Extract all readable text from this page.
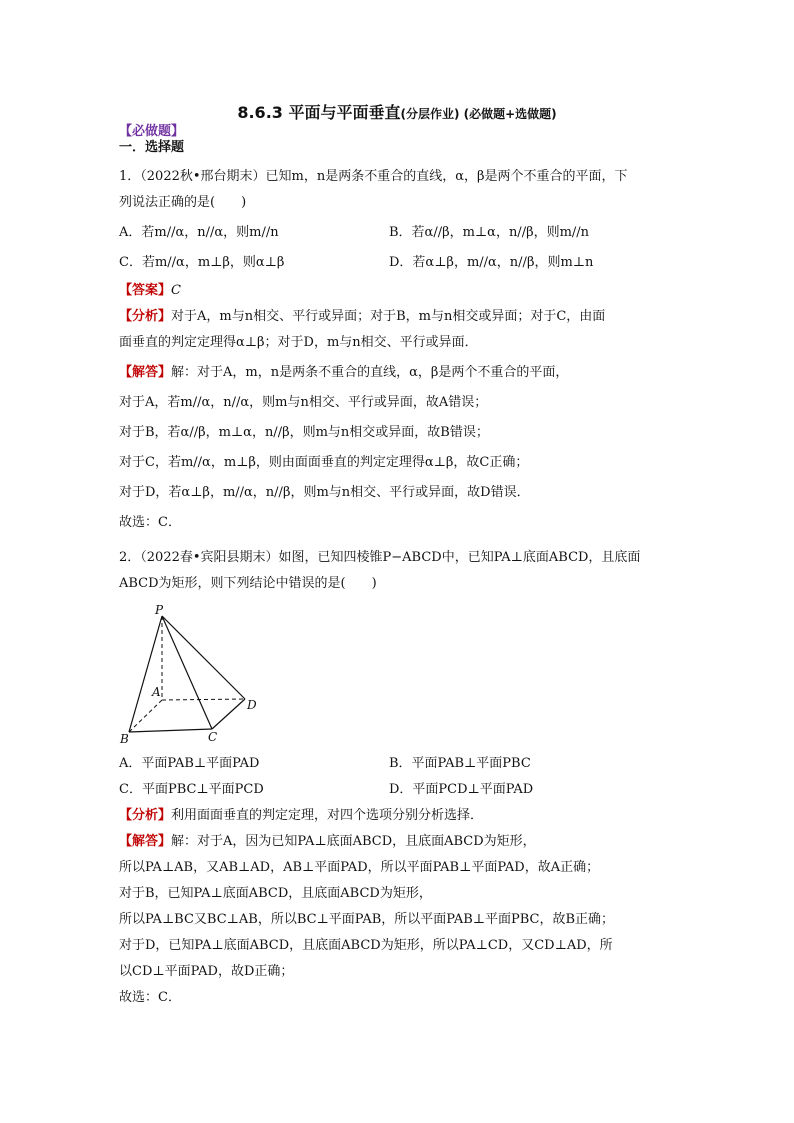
8.6.3 平面与平面垂直(分层作业) (必做题+选做题)
【必做题】
一．选择题
1．（2022秋•邢台期末）已知m，n是两条不重合的直线，α，β是两个不重合的平面，下
列说法正确的是(　　)
A．若m//α，n//α，则m//n	B．若α//β，m⊥α，n//β，则m//n
C．若m//α，m⊥β，则α⊥β	D．若α⊥β，m//α，n//β，则m⊥n
【答案】C
【分析】对于A，m与n相交、平行或异面；对于B，m与n相交或异面；对于C，由面
面垂直的判定定理得α⊥β；对于D，m与n相交、平行或异面．
【解答】解：对于A，m，n是两条不重合的直线，α，β是两个不重合的平面，
对于A，若m//α，n//α，则m与n相交、平行或异面，故A错误；
对于B，若α//β，m⊥α，n//β，则m与n相交或异面，故B错误；
对于C，若m//α，m⊥β，则由面面垂直的判定定理得α⊥β，故C正确；
对于D，若α⊥β，m//α，n//β，则m与n相交、平行或异面，故D错误．
故选：C．
2．（2022春•宾阳县期末）如图，已知四棱锥P−ABCD中，已知PA⊥底面ABCD，且底面
ABCD为矩形，则下列结论中错误的是(　　)
P
A
B	C
D
A．平面PAB⊥平面PAD	B．平面PAB⊥平面PBC
C．平面PBC⊥平面PCD	D．平面PCD⊥平面PAD
【分析】利用面面垂直的判定定理，对四个选项分别分析选择．
【解答】解：对于A，因为已知PA⊥底面ABCD，且底面ABCD为矩形，
所以PA⊥AB，又AB⊥AD，AB⊥平面PAD，所以平面PAB⊥平面PAD，故A正确；
对于B，已知PA⊥底面ABCD，且底面ABCD为矩形，
所以PA⊥BC又BC⊥AB，所以BC⊥平面PAB，所以平面PAB⊥平面PBC，故B正确；
对于D，已知PA⊥底面ABCD，且底面ABCD为矩形，所以PA⊥CD，又CD⊥AD，所
以CD⊥平面PAD，故D正确；
故选：C．
